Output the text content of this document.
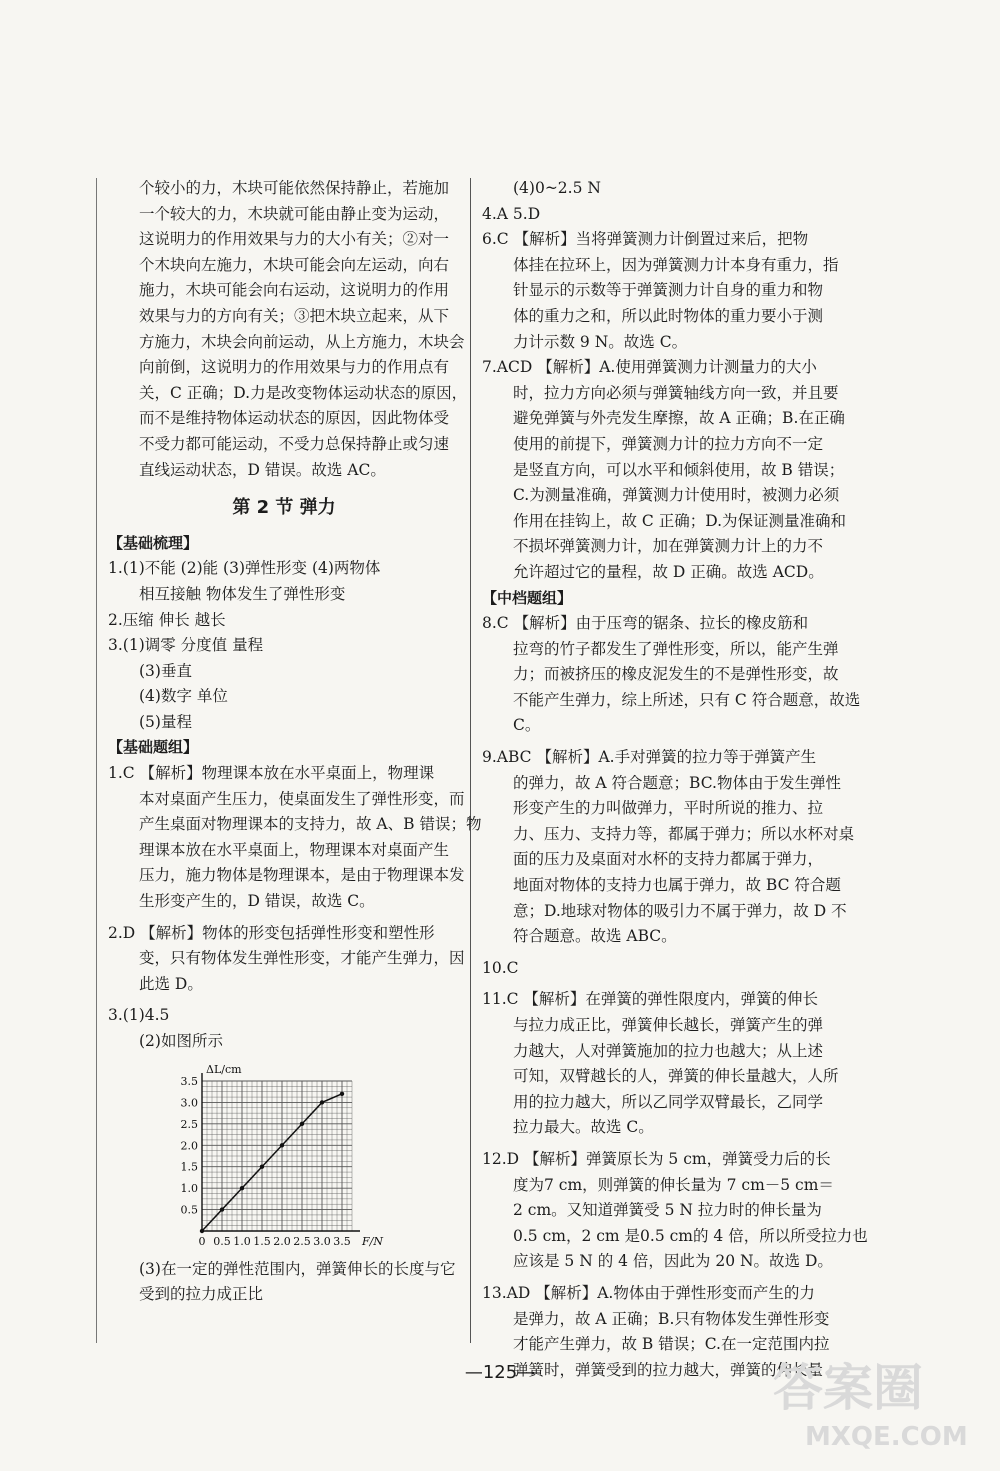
个较小的力，木块可能依然保持静止，若施加

一个较大的力，木块就可能由静止变为运动，

这说明力的作用效果与力的大小有关；②对一

个木块向左施力，木块可能会向左运动，向右

施力，木块可能会向右运动，这说明力的作用

效果与力的方向有关；③把木块立起来，从下

方施力，木块会向前运动，从上方施力，木块会

向前倒，这说明力的作用效果与力的作用点有

关，C 正确；D.力是改变物体运动状态的原因，

而不是维持物体运动状态的原因，因此物体受

不受力都可能运动，不受力总保持静止或匀速

直线运动状态，D 错误。故选 AC。

第 2 节 弹力

【基础梳理】

1.(1)不能 (2)能 (3)弹性形变 (4)两物体

相互接触 物体发生了弹性形变

2.压缩 伸长 越长

3.(1)调零 分度值 量程

(3)垂直

(4)数字 单位

(5)量程

【基础题组】

1.C 【解析】物理课本放在水平桌面上，物理课

本对桌面产生压力，使桌面发生了弹性形变，而

产生桌面对物理课本的支持力，故 A、B 错误；物

理课本放在水平桌面上，物理课本对桌面产生

压力，施力物体是物理课本，是由于物理课本发

生形变产生的，D 错误，故选 C。

2.D 【解析】物体的形变包括弹性形变和塑性形

变，只有物体发生弹性形变，才能产生弹力，因

此选 D。

3.(1)4.5

(2)如图所示

0 0.5 1.0 1.5 2.0 2.5 3.0 3.5
0.5
1.0
1.5
2.0
2.5
3.0
3.5
F/N
ΔL/cm

(3)在一定的弹性范围内，弹簧伸长的长度与它

受到的拉力成正比

(4)0~2.5 N

4.A 5.D

6.C 【解析】当将弹簧测力计倒置过来后，把物

体挂在拉环上，因为弹簧测力计本身有重力，指

针显示的示数等于弹簧测力计自身的重力和物

体的重力之和，所以此时物体的重力要小于测

力计示数 9 N。故选 C。

7.ACD 【解析】A.使用弹簧测力计测量力的大小

时，拉力方向必须与弹簧轴线方向一致，并且要

避免弹簧与外壳发生摩擦，故 A 正确；B.在正确

使用的前提下，弹簧测力计的拉力方向不一定

是竖直方向，可以水平和倾斜使用，故 B 错误；

C.为测量准确，弹簧测力计使用时，被测力必须

作用在挂钩上，故 C 正确；D.为保证测量准确和

不损坏弹簧测力计，加在弹簧测力计上的力不

允许超过它的量程，故 D 正确。故选 ACD。

【中档题组】

8.C 【解析】由于压弯的锯条、拉长的橡皮筋和

拉弯的竹子都发生了弹性形变，所以，能产生弹

力；而被挤压的橡皮泥发生的不是弹性形变，故

不能产生弹力，综上所述，只有 C 符合题意，故选

C。

9.ABC 【解析】A.手对弹簧的拉力等于弹簧产生

的弹力，故 A 符合题意；BC.物体由于发生弹性

形变产生的力叫做弹力，平时所说的推力、拉

力、压力、支持力等，都属于弹力；所以水杯对桌

面的压力及桌面对水杯的支持力都属于弹力，

地面对物体的支持力也属于弹力，故 BC 符合题

意；D.地球对物体的吸引力不属于弹力，故 D 不

符合题意。故选 ABC。

10.C

11.C 【解析】在弹簧的弹性限度内，弹簧的伸长

与拉力成正比，弹簧伸长越长，弹簧产生的弹

力越大，人对弹簧施加的拉力也越大；从上述

可知，双臂越长的人，弹簧的伸长量越大，人所

用的拉力越大，所以乙同学双臂最长，乙同学

拉力最大。故选 C。

12.D 【解析】弹簧原长为 5 cm，弹簧受力后的长

度为7 cm，则弹簧的伸长量为 7 cm－5 cm＝

2 cm。又知道弹簧受 5 N 拉力时的伸长量为

0.5 cm，2 cm 是0.5 cm的 4 倍，所以所受拉力也

应该是 5 N 的 4 倍，因此为 20 N。故选 D。

13.AD 【解析】A.物体由于弹性形变而产生的力

是弹力，故 A 正确；B.只有物体发生弹性形变

才能产生弹力，故 B 错误；C.在一定范围内拉

弹簧时，弹簧受到的拉力越大，弹簧的伸长量

—125—	答案圈
MXQE.COM
